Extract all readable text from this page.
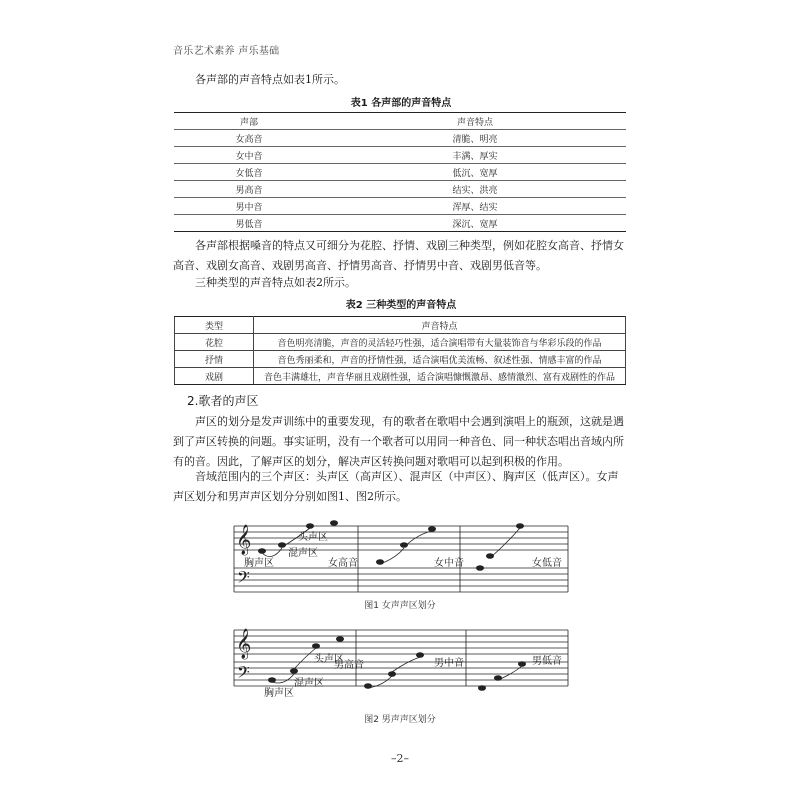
音乐艺术素养 声乐基础
各声部的声音特点如表1所示。
表1 各声部的声音特点
声部	声音特点
女高音	清脆、明亮
女中音	丰满、厚实
女低音	低沉、宽厚
男高音	结实、洪亮
男中音	浑厚、结实
男低音	深沉、宽厚
各声部根据嗓音的特点又可细分为花腔、抒情、戏剧三种类型，例如花腔女高音、抒情女高音、戏剧女高音、戏剧男高音、抒情男高音、抒情男中音、戏剧男低音等。
三种类型的声音特点如表2所示。
表2 三种类型的声音特点
类型	声音特点
花腔	音色明亮清脆，声音的灵活轻巧性强，适合演唱带有大量装饰音与华彩乐段的作品
抒情	音色秀丽柔和，声音的抒情性强，适合演唱优美流畅、叙述性强、情感丰富的作品
戏剧	音色丰满雄壮，声音华丽且戏剧性强，适合演唱慷慨激昂、感情激烈、富有戏剧性的作品
2.歌者的声区
声区的划分是发声训练中的重要发现，有的歌者在歌唱中会遇到演唱上的瓶颈，这就是遇到了声区转换的问题。事实证明，没有一个歌者可以用同一种音色、同一种状态唱出音域内所有的音。因此，了解声区的划分，解决声区转换问题对歌唱可以起到积极的作用。
音域范围内的三个声区：头声区（高声区）、混声区（中声区）、胸声区（低声区）。女声声区划分和男声声区划分分别如图1、图2所示。
𝄞
𝄢
头声区
混声区
胸声区	女高音	女中音	女低音
图1 女声声区划分
𝄞
𝄢
头声区
混声区
胸声区
男高音	男中音	男低音
图2 男声声区划分
–2–
